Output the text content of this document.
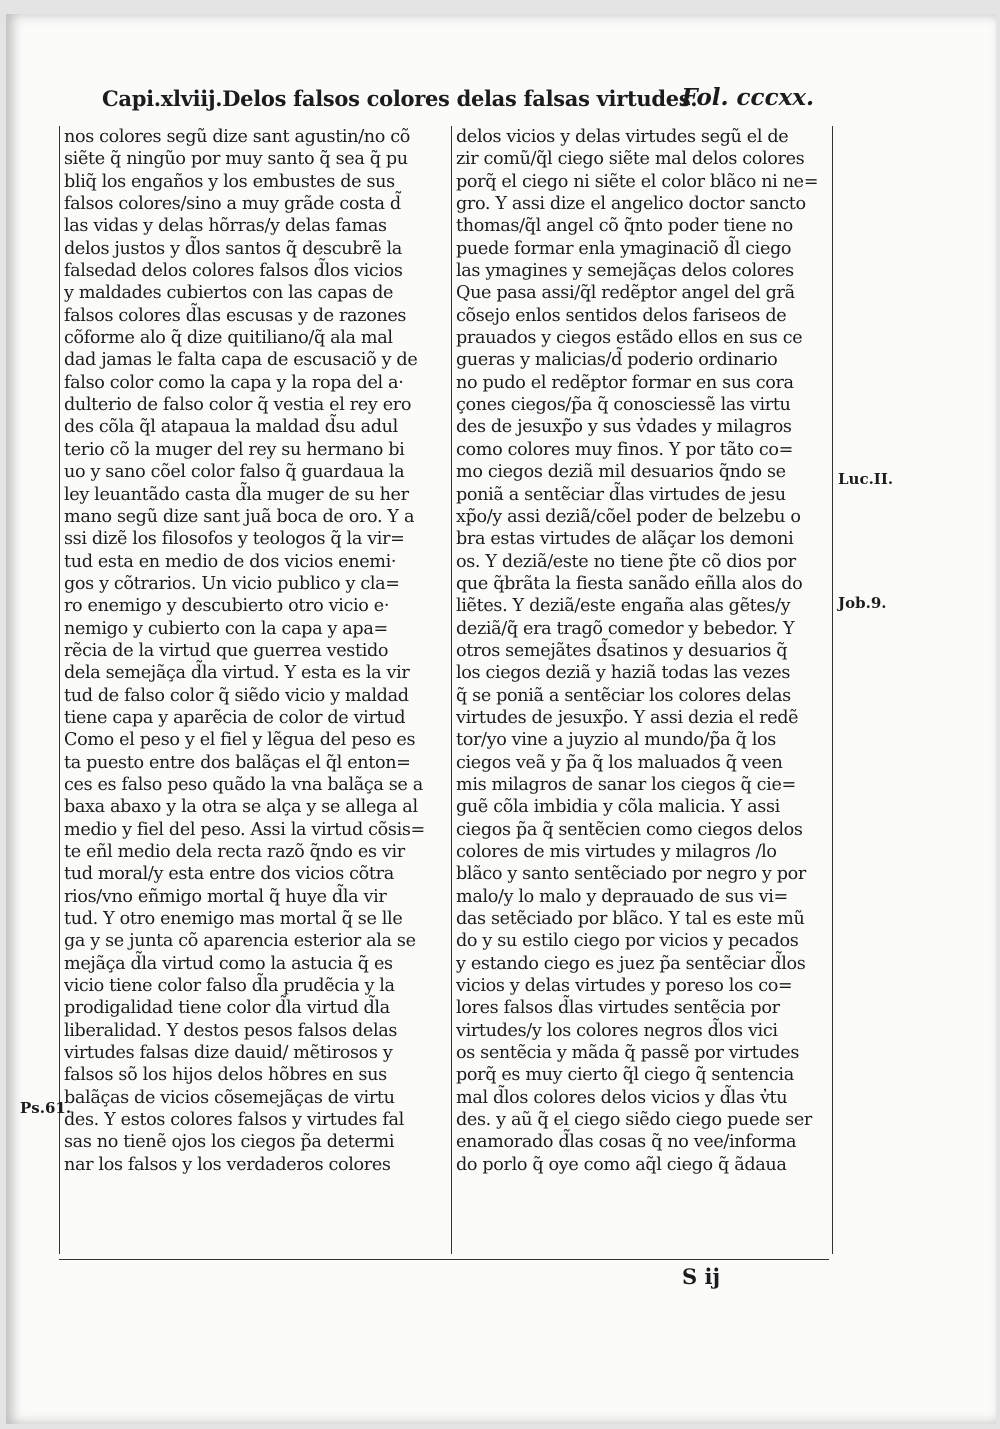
Capi.xlviij.Delos falsos colores delas falsas virtudes.
Fol. cccxx.
nos colores segũ dize sant agustin/no cõ
siẽte q̃ ningũo por muy santo q̃ sea q̃ pu
bliq̃ los engaños y los embustes de sus
falsos colores/sino a muy grãde costa d̃
las vidas y delas hõrras/y delas famas
delos justos y d̃los santos q̃ descubrẽ la
falsedad delos colores falsos d̃los vicios
y maldades cubiertos con las capas de
falsos colores d̃las escusas y de razones
cõforme alo q̃ dize quitiliano/q̃ ala mal
dad jamas le falta capa de escusaciõ y de
falso color como la capa y la ropa del a·
dulterio de falso color q̃ vestia el rey ero
des cõla q̃l atapaua la maldad d̃su adul
terio cõ la muger del rey su hermano bi
uo y sano cõel color falso q̃ guardaua la
ley leuantãdo casta d̃la muger de su her
mano segũ dize sant juã boca de oro. Y a
ssi dizẽ los filosofos y teologos q̃ la vir=
tud esta en medio de dos vicios enemi·
gos y cõtrarios. Un vicio publico y cla=
ro enemigo y descubierto otro vicio e·
nemigo y cubierto con la capa y apa=
rẽcia de la virtud que guerrea vestido
dela semejãça d̃la virtud. Y esta es la vir
tud de falso color q̃ siẽdo vicio y maldad
tiene capa y aparẽcia de color de virtud
Como el peso y el fiel y lẽgua del peso es
ta puesto entre dos balãças el q̃l enton=
ces es falso peso quãdo la vna balãça se a
baxa abaxo y la otra se alça y se allega al
medio y fiel del peso. Assi la virtud cõsis=
te eñl medio dela recta razõ q̃ndo es vir
tud moral/y esta entre dos vicios cõtra
rios/vno eñmigo mortal q̃ huye d̃la vir
tud. Y otro enemigo mas mortal q̃ se lle
ga y se junta cõ aparencia esterior ala se
mejãça d̃la virtud como la astucia q̃ es
vicio tiene color falso d̃la prudẽcia y la
prodigalidad tiene color d̃la virtud d̃la
liberalidad. Y destos pesos falsos delas
virtudes falsas dize dauid/ mẽtirosos y
falsos sõ los hijos delos hõbres en sus
balãças de vicios cõsemejãças de virtu
des. Y estos colores falsos y virtudes fal
sas no tienẽ ojos los ciegos p̃a determi
nar los falsos y los verdaderos colores
delos vicios y delas virtudes segũ el de
zir comũ/q̃l ciego siẽte mal delos colores
porq̃ el ciego ni siẽte el color blãco ni ne=
gro. Y assi dize el angelico doctor sancto
thomas/q̃l angel cõ q̃nto poder tiene no
puede formar enla ymaginaciõ d̃l ciego
las ymagines y semejãças delos colores
Que pasa assi/q̃l redẽptor angel del grã
cõsejo enlos sentidos delos fariseos de
prauados y ciegos estãdo ellos en sus ce
gueras y malicias/d̃ poderio ordinario
no pudo el redẽptor formar en sus cora
çones ciegos/p̃a q̃ conosciessẽ las virtu
des de jesuxp̃o y sus v̓dades y milagros
como colores muy finos. Y por tãto co=
mo ciegos deziã mil desuarios q̃ndo se
poniã a sentẽciar d̃las virtudes de jesu
xp̃o/y assi deziã/cõel poder de belzebu o
bra estas virtudes de alãçar los demoni
os. Y deziã/este no tiene p̃te cõ dios por
que q̃brãta la fiesta sanãdo eñlla alos do
liẽtes. Y deziã/este engaña alas gẽtes/y
deziã/q̃ era tragõ comedor y bebedor. Y
otros semejãtes d̃satinos y desuarios q̃
los ciegos deziã y haziã todas las vezes
q̃ se poniã a sentẽciar los colores delas
virtudes de jesuxp̃o. Y assi dezia el redẽ
tor/yo vine a juyzio al mundo/p̃a q̃ los
ciegos veã y p̃a q̃ los maluados q̃ veen
mis milagros de sanar los ciegos q̃ cie=
guẽ cõla imbidia y cõla malicia. Y assi
ciegos p̃a q̃ sentẽcien como ciegos delos
colores de mis virtudes y milagros /lo
blãco y santo sentẽciado por negro y por
malo/y lo malo y deprauado de sus vi=
das setẽciado por blãco. Y tal es este mũ
do y su estilo ciego por vicios y pecados
y estando ciego es juez p̃a sentẽciar d̃los
vicios y delas virtudes y poreso los co=
lores falsos d̃las virtudes sentẽcia por
virtudes/y los colores negros d̃los vici
os sentẽcia y mãda q̃ passẽ por virtudes
porq̃ es muy cierto q̃l ciego q̃ sentencia
mal d̃los colores delos vicios y d̃las v̓tu
des. y aũ q̃ el ciego siẽdo ciego puede ser
enamorado d̃las cosas q̃ no vee/informa
do porlo q̃ oye como aq̃l ciego q̃ ãdaua
Luc.II.
Job.9.
Ps.61.
S ij
